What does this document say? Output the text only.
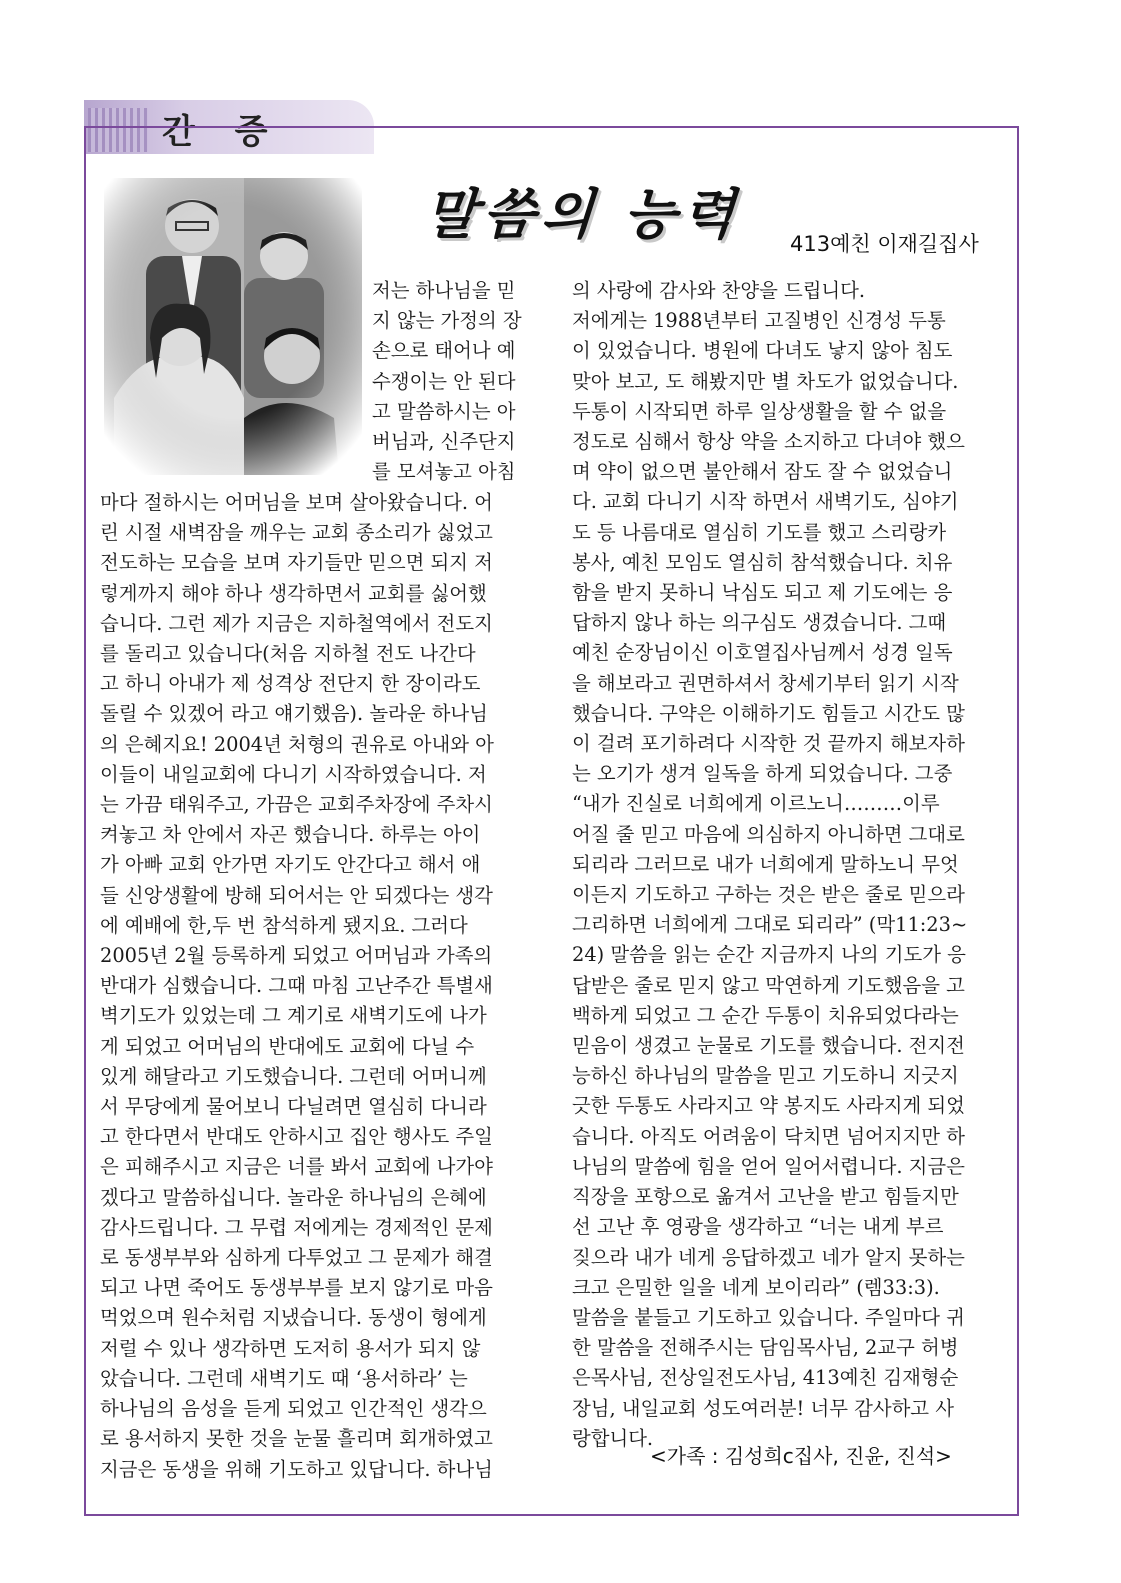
간 증
말씀의 능력 413예친 이재길집사
저는 하나님을 믿
지 않는 가정의 장
손으로 태어나 예
수쟁이는 안 된다
고 말씀하시는 아
버님과, 신주단지
를 모셔놓고 아침
마다 절하시는 어머님을 보며 살아왔습니다. 어
린 시절 새벽잠을 깨우는 교회 종소리가 싫었고
전도하는 모습을 보며 자기들만 믿으면 되지 저
렇게까지 해야 하나 생각하면서 교회를 싫어했
습니다. 그런 제가 지금은 지하철역에서 전도지
를 돌리고 있습니다(처음 지하철 전도 나간다
고 하니 아내가 제 성격상 전단지 한 장이라도
돌릴 수 있겠어 라고 얘기했음). 놀라운 하나님
의 은혜지요! 2004년 처형의 권유로 아내와 아
이들이 내일교회에 다니기 시작하였습니다. 저
는 가끔 태워주고, 가끔은 교회주차장에 주차시
켜놓고 차 안에서 자곤 했습니다. 하루는 아이
가 아빠 교회 안가면 자기도 안간다고 해서 애
들 신앙생활에 방해 되어서는 안 되겠다는 생각
에 예배에 한,두 번 참석하게 됐지요. 그러다
2005년 2월 등록하게 되었고 어머님과 가족의
반대가 심했습니다. 그때 마침 고난주간 특별새
벽기도가 있었는데 그 계기로 새벽기도에 나가
게 되었고 어머님의 반대에도 교회에 다닐 수
있게 해달라고 기도했습니다. 그런데 어머니께
서 무당에게 물어보니 다닐려면 열심히 다니라
고 한다면서 반대도 안하시고 집안 행사도 주일
은 피해주시고 지금은 너를 봐서 교회에 나가야
겠다고 말씀하십니다. 놀라운 하나님의 은혜에
감사드립니다. 그 무렵 저에게는 경제적인 문제
로 동생부부와 심하게 다투었고 그 문제가 해결
되고 나면 죽어도 동생부부를 보지 않기로 마음
먹었으며 원수처럼 지냈습니다. 동생이 형에게
저럴 수 있나 생각하면 도저히 용서가 되지 않
았습니다. 그런데 새벽기도 때 ‘용서하라’ 는
하나님의 음성을 듣게 되었고 인간적인 생각으
로 용서하지 못한 것을 눈물 흘리며 회개하였고
지금은 동생을 위해 기도하고 있답니다. 하나님
의 사랑에 감사와 찬양을 드립니다.
저에게는 1988년부터 고질병인 신경성 두통
이 있었습니다. 병원에 다녀도 낳지 않아 침도
맞아 보고, 도 해봤지만 별 차도가 없었습니다.
두통이 시작되면 하루 일상생활을 할 수 없을
정도로 심해서 항상 약을 소지하고 다녀야 했으
며 약이 없으면 불안해서 잠도 잘 수 없었습니
다. 교회 다니기 시작 하면서 새벽기도, 심야기
도 등 나름대로 열심히 기도를 했고 스리랑카
봉사, 예친 모임도 열심히 참석했습니다. 치유
함을 받지 못하니 낙심도 되고 제 기도에는 응
답하지 않나 하는 의구심도 생겼습니다. 그때
예친 순장님이신 이호열집사님께서 성경 일독
을 해보라고 권면하셔서 창세기부터 읽기 시작
했습니다. 구약은 이해하기도 힘들고 시간도 많
이 걸려 포기하려다 시작한 것 끝까지 해보자하
는 오기가 생겨 일독을 하게 되었습니다. 그중
“내가 진실로 너희에게 이르노니………이루
어질 줄 믿고 마음에 의심하지 아니하면 그대로
되리라 그러므로 내가 너희에게 말하노니 무엇
이든지 기도하고 구하는 것은 받은 줄로 믿으라
그리하면 너희에게 그대로 되리라” (막11:23~
24) 말씀을 읽는 순간 지금까지 나의 기도가 응
답받은 줄로 믿지 않고 막연하게 기도했음을 고
백하게 되었고 그 순간 두통이 치유되었다라는
믿음이 생겼고 눈물로 기도를 했습니다. 전지전
능하신 하나님의 말씀을 믿고 기도하니 지긋지
긋한 두통도 사라지고 약 봉지도 사라지게 되었
습니다. 아직도 어려움이 닥치면 넘어지지만 하
나님의 말씀에 힘을 얻어 일어서렵니다. 지금은
직장을 포항으로 옮겨서 고난을 받고 힘들지만
선 고난 후 영광을 생각하고 “너는 내게 부르
짖으라 내가 네게 응답하겠고 네가 알지 못하는
크고 은밀한 일을 네게 보이리라” (렘33:3).
말씀을 붙들고 기도하고 있습니다. 주일마다 귀
한 말씀을 전해주시는 담임목사님, 2교구 허병
은목사님, 전상일전도사님, 413예친 김재형순
장님, 내일교회 성도여러분! 너무 감사하고 사
랑합니다.
<가족 : 김성희c집사, 진윤, 진석>
